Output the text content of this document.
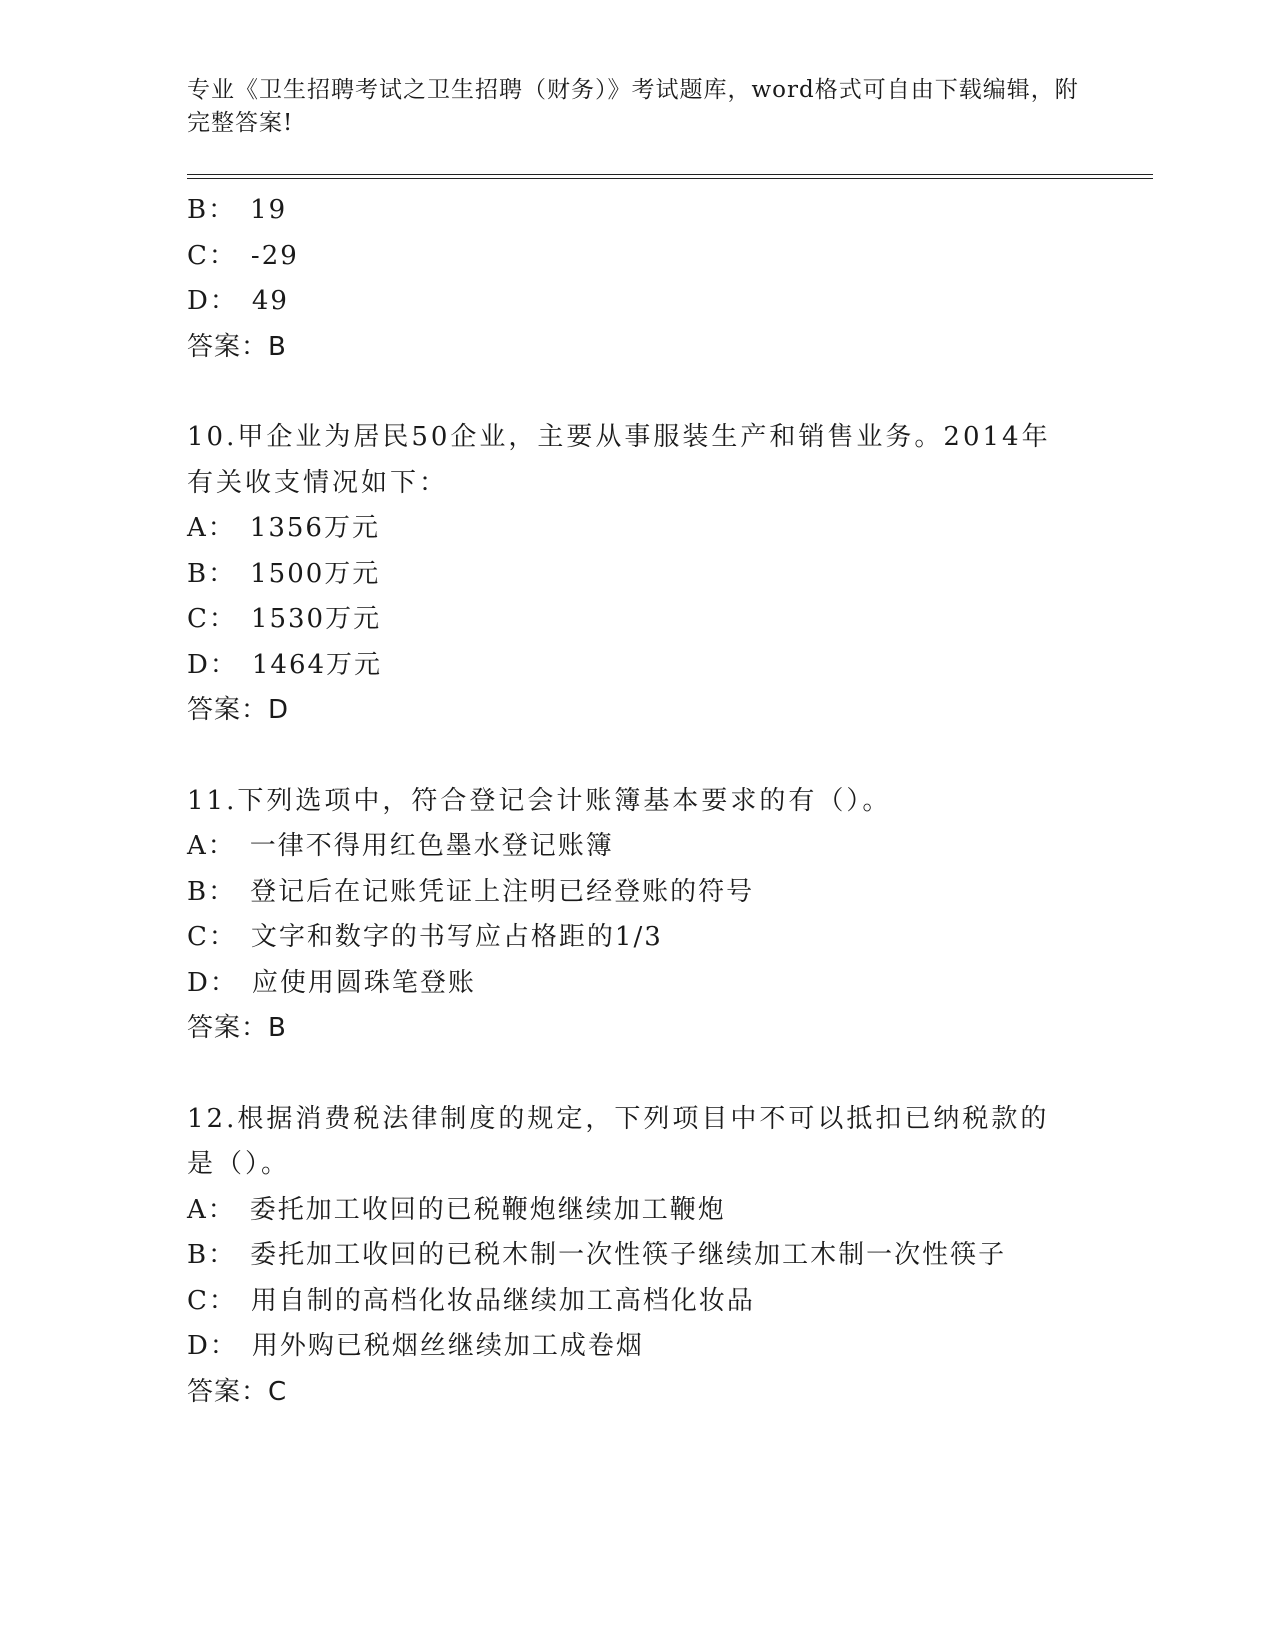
专业《卫生招聘考试之卫生招聘（财务）》考试题库，word格式可自由下载编辑，附完整答案!
B： 19
C： -29
D： 49
答案：B
10.甲企业为居民50企业，主要从事服装生产和销售业务。2014年有关收支情况如下：
A： 1356万元
B： 1500万元
C： 1530万元
D： 1464万元
答案：D
11.下列选项中，符合登记会计账簿基本要求的有（）。
A： 一律不得用红色墨水登记账簿
B： 登记后在记账凭证上注明已经登账的符号
C： 文字和数字的书写应占格距的1/3
D： 应使用圆珠笔登账
答案：B
12.根据消费税法律制度的规定，下列项目中不可以抵扣已纳税款的是（）。
A： 委托加工收回的已税鞭炮继续加工鞭炮
B： 委托加工收回的已税木制一次性筷子继续加工木制一次性筷子
C： 用自制的高档化妆品继续加工高档化妆品
D： 用外购已税烟丝继续加工成卷烟
答案：C
